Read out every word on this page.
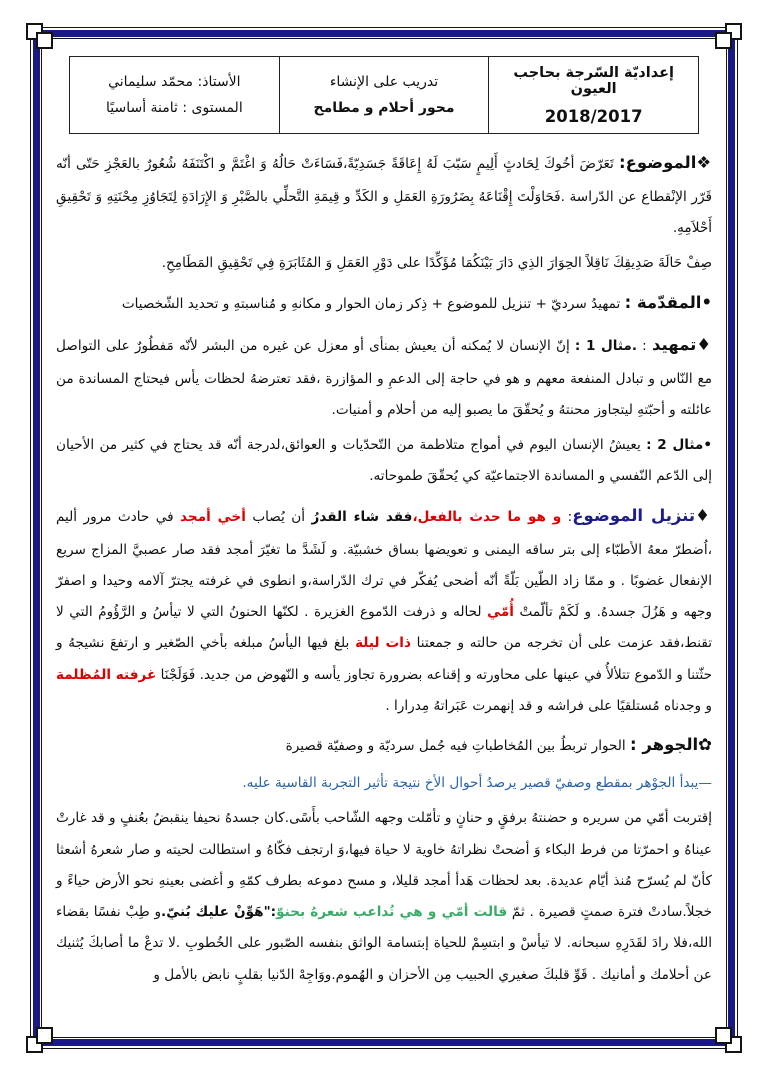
إعداديّة السّرجة بحاجب العيون
2018/2017

تدريب على الإنشاء
محور أحلام و مطامح

الأستاذ: محمّد سليماني
المستوى : ثامنة أساسيًا

❖الموضوع: تَعَرّضَ أخُوكَ لِحَادثٍ أَلِيمٍ سَبّبَ لَهُ إِعَاقَةً جَسَدِيّةً،فَسَاءَتْ حَالُهُ وَ اغْتَمَّ و اكْتَنَفَهُ شُعُورٌ بالعَجْزِ حَتّى أنّه قَرّر الإنْقطاع عن الدّراسة .فَحَاوَلْتَ إِقْنَاعَهُ بِضَرُورَةِ العَمَلِ و الكَدِّ و قِيمَةِ التَّحلِّي بالصَّبْرِ وَ الإِرَادَةِ لِتَجَاوُزِ مِحْنَتِهِ وَ تَحْقِيقِ أَحْلاَمِهِ.

صِفْ حَالَةَ صَدِيقِكَ نَاقِلاً الحِوَارَ الذِي دَارَ بَيْنَكُمَا مُؤَكِّدًا على دَوْرِ العَمَلِ وَ المُثَابَرَةِ فِي تَحْقِيقِ المَطَامِحِ.

•المقدّمة : تمهيدُ سرديّ + تنزيل للموضوع + ذِكر زمان الحوار و مكانهِ و مُناسبتهِ و تحديد الشّخصيات

♦تمهيد : .مثال 1 : إنّ الإنسان لا يُمكنه أن يعيش بمنأى أو معزل عن غيره من البشر لأنّه مَفطُورٌ على التواصل مع النّاس و تبادل المنفعة معهم و هو في حاجة إلى الدعمِ و المؤازرة ،فقد تعترضهُ لحظات يأس فيحتاج المساندة من عائلته و أحبّتهِ ليتجاوز محنتهُ و يُحقّقَ ما يصبو إليه من أحلام و أمنيات.

•مثال 2 : يعيشُ الإنسان اليوم في أمواج متلاطمة من التّحدّيات و العوائق،لدرجة أنّه قد يحتاج في كثير من الأحيان إلى الدّعم النّفسي و المساندة الاجتماعيّة كي يُحقّقَ طموحاته.

♦تنزيل الموضوع: و هو ما حدث بالفعل،فقد شاء القدرُ أن يُصاب أخي أمجد في حادث مرور أليم ،اُضطرّ معهُ الأطبّاء إلى بتر ساقه اليمنى و تعويضها بساق خشبيّة. و لَشَدَّ ما تغيّرَ أمجد فقد صار عصبيَّ المزاج سريع الإنفعال غضوبًا . و ممّا زاد الطّين بَلّةً أنّه أضحى يُفكّر في ترك الدّراسة،و انطوى في غرفته يجترّ آلامه وحيدا و اصفرّ وجهه و هَزُلَ جسدهُ. و لَكَمْ تألّمتْ أُمّي لحاله و ذرفت الدّموع الغزيرة . لكنّها الحنونُ التي لا تيأسُ و الرَّؤُومُ التي لا تقنط،فقد عزمت على أن تخرجه من حالته و جمعتنا ذات ليلة بلغ فيها اليأسُ مبلغه بأخي الصّغير و ارتفعَ نشيجهُ و حثّتنا و الدّموع تتلألأُ في عينها على محاورته و إقناعه بضرورة تجاوز يأسه و النّهوض من جديد. فَوَلَجْنَا غرفته المُظلمة و وجدناه مُستلقيًا على فراشه و قد إنهمرت عَبَراتهُ مِدرارا .

✿الجوهر : الحوار تربطُ بين المُخاطباتِ فيه جُمل سرديّة و وصفيّة قصيرة

—يبدأ الجوْهر بمقطع وصفيّ قصير يرصدُ أحوال الأخ نتيجة تأثير التجربة القاسية عليه.

إقتربت أمّي من سريره و حضنتهُ برفقٍ و حنانٍ و تأمّلت وجهه الشّاحب بأَسًى.كان جسدهُ نحيفا ينقبضُ بعُنفٍ و قد غارتْ عيناهُ و احمرّتا من فرط البكاء وَ أضحتْ نظراتهُ خاوية لا حياة فيها،وَ ارتجف فكّاهُ و استطالت لحيته و صار شعرهُ أشعثا كأنّ لم يُسرّح مُنذ أيّام عديدة. بعد لحظات هَدأ أمجد قليلا، و مسح دموعه بطرف كمّهِ و أغضى بعينهِ نحو الأرض حياءً و خجلاً.سادتْ فترة صمتٍ قصيرة . ثمّ قالت أمّي و هي تُداعب شعرهُ بحنوّ:"هَوِّنْ عليك بُنيّ.و طِبْ نفسًا بقضاء الله،فلا رادَ لقَدَرِهِ سبحانه. لا تيأسْ و ابتسِمْ للحياة إبتسامة الواثق بنفسه الصّبور على الخُطوبِ .لا تدعْ ما أصابكَ يُثنيك عن أحلامك و أمانيك . قَوِّ قلبكَ صغيري الحبيب مِن الأحزان و الهُموم.ووَاجِهْ الدّنيا بقلبٍ نابض بالأمل و
